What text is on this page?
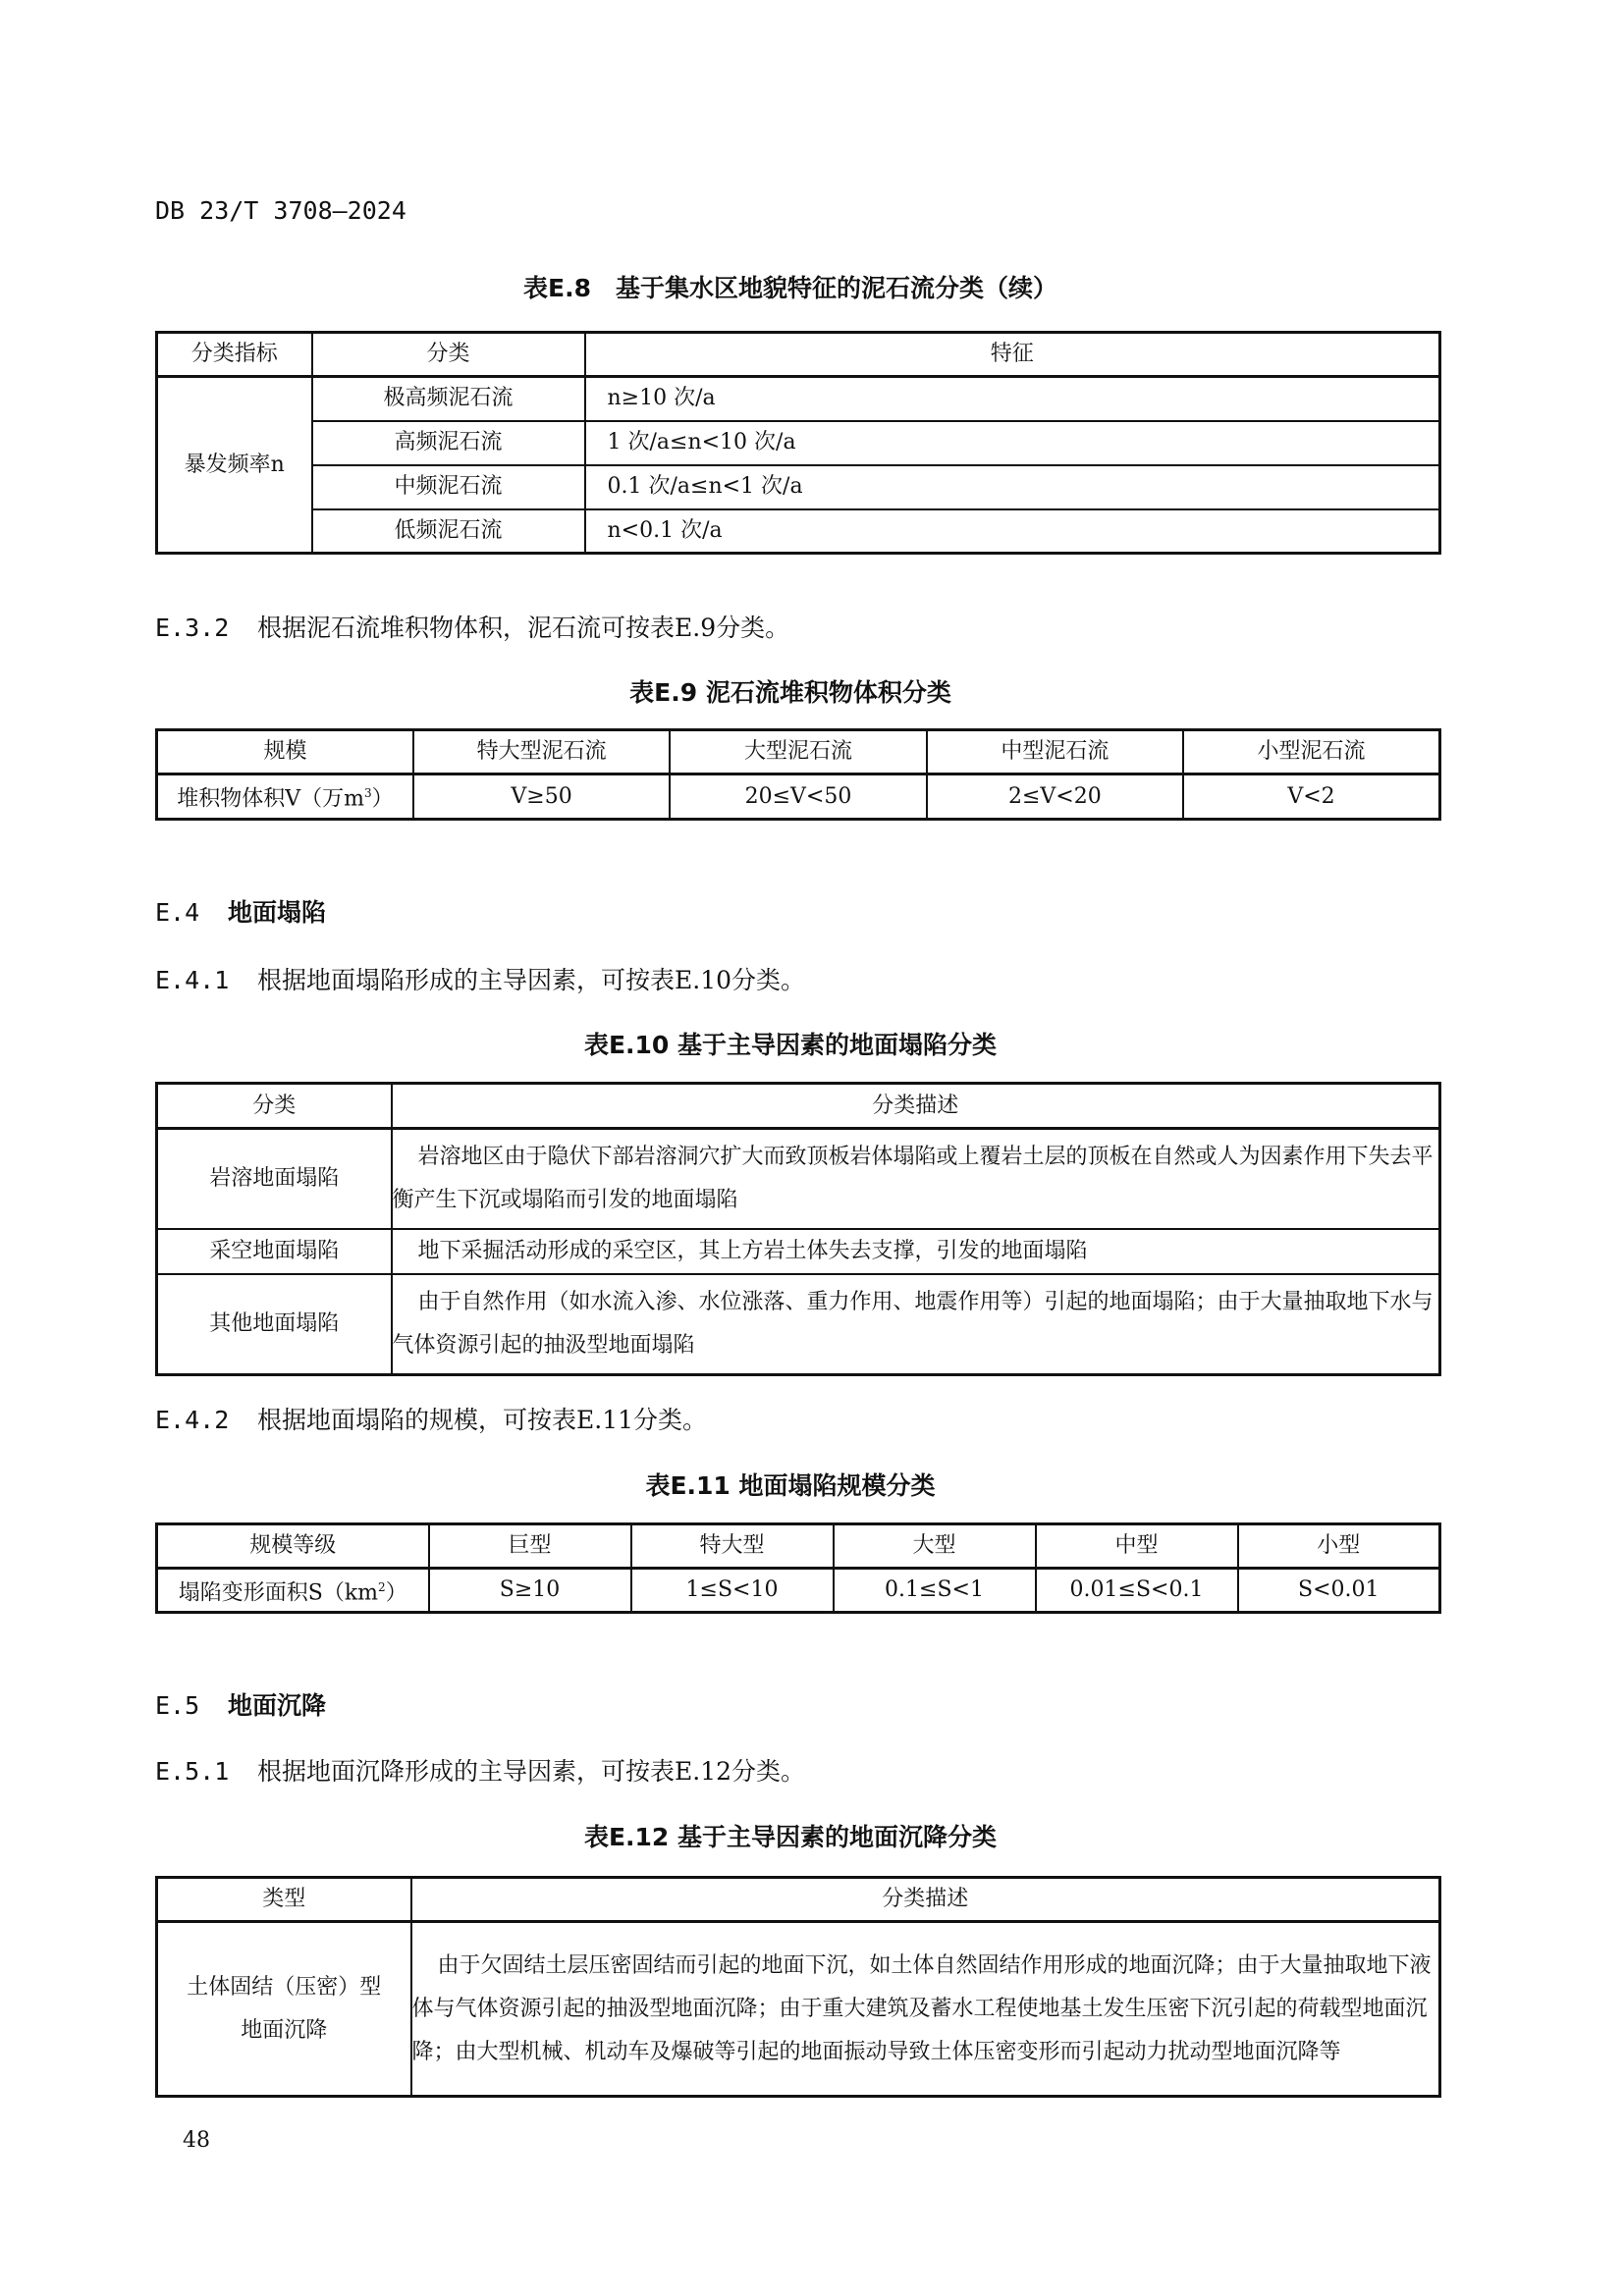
DB 23/T 3708—2024
表E.8　基于集水区地貌特征的泥石流分类（续）
分类指标	分类	特征
暴发频率n	极高频泥石流	n≥10 次/a
	高频泥石流	1 次/a≤n<10 次/a
	中频泥石流	0.1 次/a≤n<1 次/a
	低频泥石流	n<0.1 次/a
E.3.2 根据泥石流堆积物体积，泥石流可按表E.9分类。
表E.9 泥石流堆积物体积分类
规模	特大型泥石流	大型泥石流	中型泥石流	小型泥石流
堆积物体积V（万$m^3$）	V≥50	20≤V<50	2≤V<20	V<2
E.4 地面塌陷
E.4.1 根据地面塌陷形成的主导因素，可按表E.10分类。
表E.10 基于主导因素的地面塌陷分类
分类	分类描述
岩溶地面塌陷	岩溶地区由于隐伏下部岩溶洞穴扩大而致顶板岩体塌陷或上覆岩土层的顶板在自然或人为因素作用下失去平衡产生下沉或塌陷而引发的地面塌陷
采空地面塌陷	地下采掘活动形成的采空区，其上方岩土体失去支撑，引发的地面塌陷
其他地面塌陷	由于自然作用（如水流入渗、水位涨落、重力作用、地震作用等）引起的地面塌陷；由于大量抽取地下水与气体资源引起的抽汲型地面塌陷
E.4.2 根据地面塌陷的规模，可按表E.11分类。
表E.11 地面塌陷规模分类
规模等级	巨型	特大型	大型	中型	小型
塌陷变形面积$S(km^2)$	S≥10	1≤S<10	0.1≤S<1	0.01≤S<0.1	S<0.01
E.5 地面沉降
E.5.1 根据地面沉降形成的主导因素，可按表E.12分类。
表E.12 基于主导因素的地面沉降分类
类型	分类描述

土体固结（压密）型
地面沉降	由于欠固结土层压密固结而引起的地面下沉，如土体自然固结作用形成的地面沉降；由于大量抽取地下液体与气体资源引起的抽汲型地面沉降；由于重大建筑及蓄水工程使地基土发生压密下沉引起的荷载型地面沉降；由大型机械、机动车及爆破等引起的地面振动导致土体压密变形而引起动力扰动型地面沉降等
48
